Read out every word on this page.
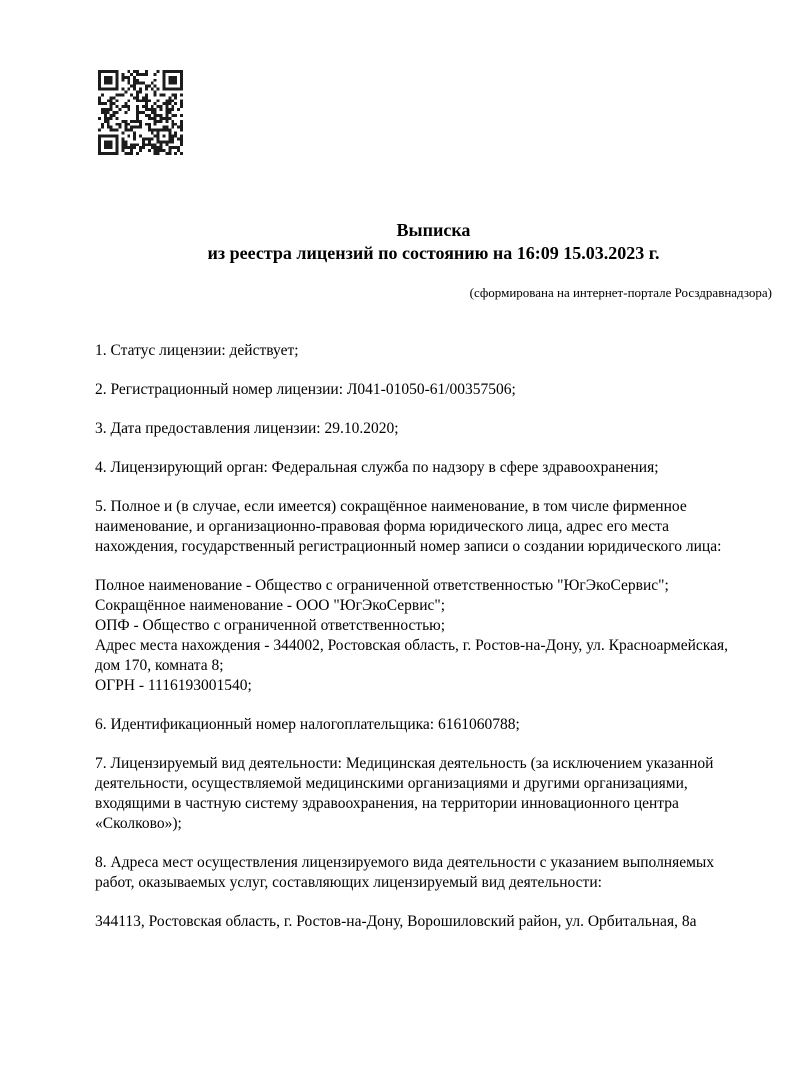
Выписка
из реестра лицензий по состоянию на 16:09 15.03.2023 г.
(сформирована на интернет-портале Росздравнадзора)
1. Статус лицензии: действует;
2. Регистрационный номер лицензии: Л041-01050-61/00357506;
3. Дата предоставления лицензии: 29.10.2020;
4. Лицензирующий орган: Федеральная служба по надзору в сфере здравоохранения;
5. Полное и (в случае, если имеется) сокращённое наименование, в том числе фирменное наименование, и организационно-правовая форма юридического лица, адрес его места нахождения, государственный регистрационный номер записи о создании юридического лица:
Полное наименование - Общество с ограниченной ответственностью "ЮгЭкоСервис";
Сокращённое наименование - ООО "ЮгЭкоСервис";
ОПФ - Общество с ограниченной ответственностью;
Адрес места нахождения - 344002, Ростовская область, г. Ростов-на-Дону, ул. Красноармейская, дом 170, комната 8;
ОГРН - 1116193001540;
6. Идентификационный номер налогоплательщика: 6161060788;
7. Лицензируемый вид деятельности: Медицинская деятельность (за исключением указанной деятельности, осуществляемой медицинскими организациями и другими организациями, входящими в частную систему здравоохранения, на территории инновационного центра «Сколково»);
8. Адреса мест осуществления лицензируемого вида деятельности с указанием выполняемых работ, оказываемых услуг, составляющих лицензируемый вид деятельности:
344113, Ростовская область, г. Ростов-на-Дону, Ворошиловский район, ул. Орбитальная, 8а
